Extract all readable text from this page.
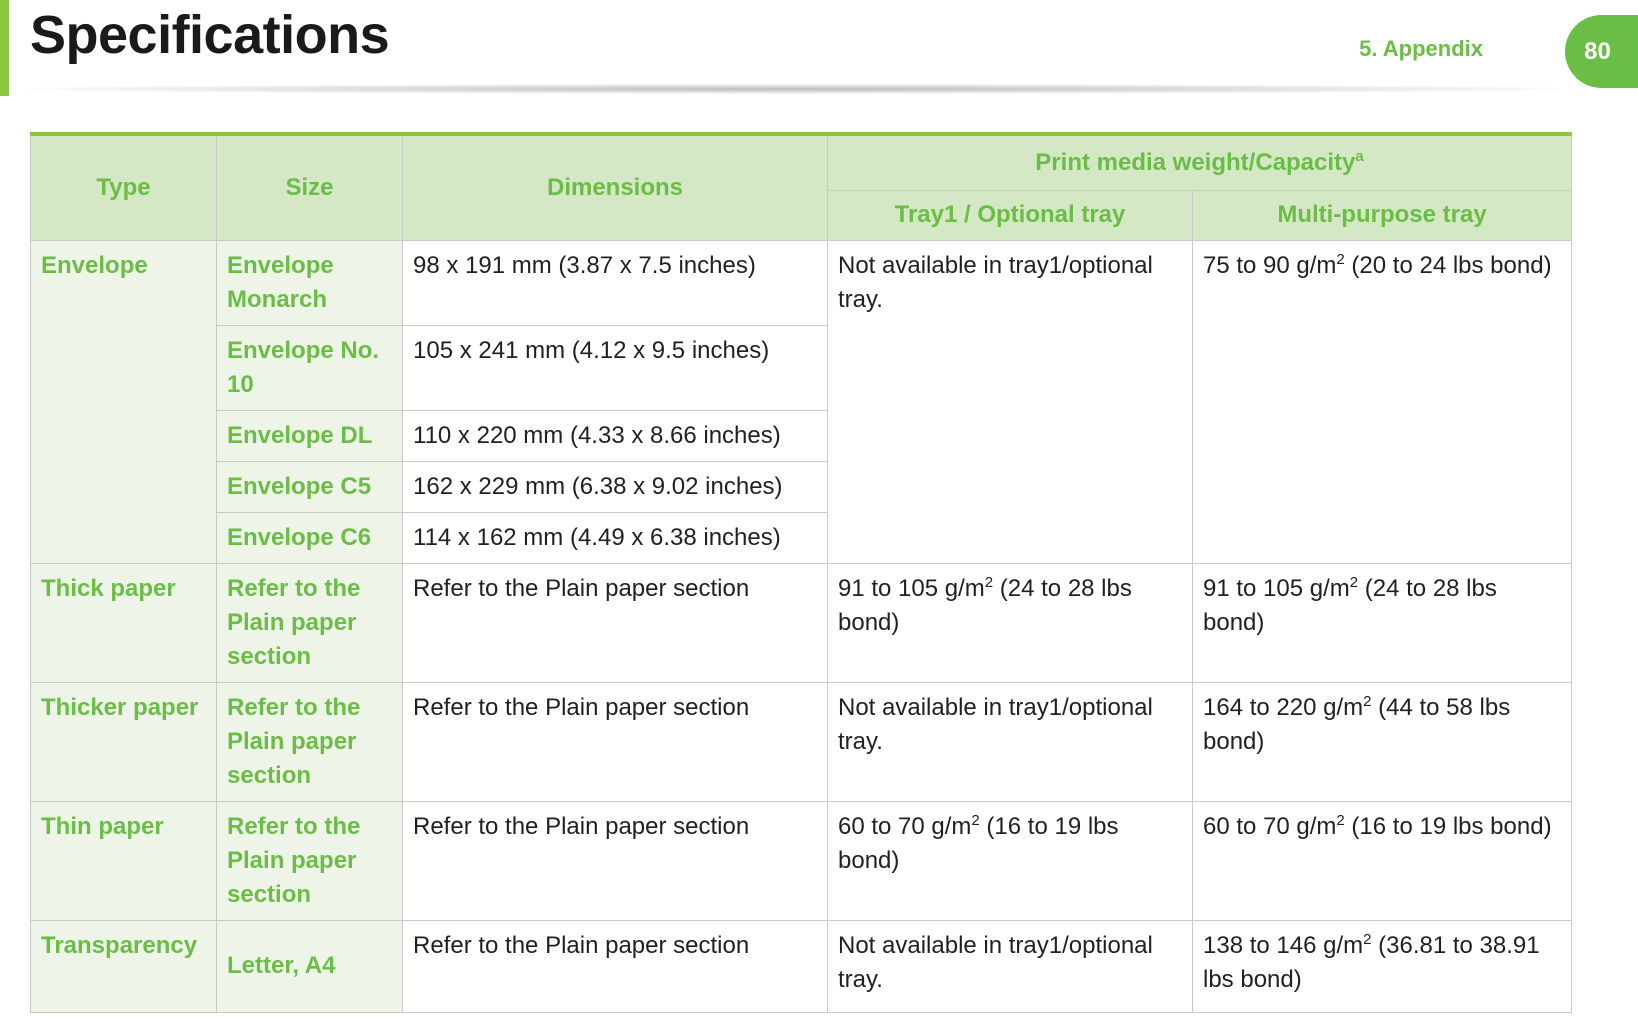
Specifications	5. Appendix	80
Type	Size	Dimensions	Print media weight/Capacity$^a$
			Tray1 / Optional tray	Multi-purpose tray
Envelope	Envelope Monarch	98 x 191 mm (3.87 x 7.5 inches)	Not available in tray1/optional tray.	75 to 90 $g/m^2$ (20 to 24 lbs bond)
	Envelope No. 10	105 x 241 mm (4.12 x 9.5 inches)		
	Envelope DL	110 x 220 mm (4.33 x 8.66 inches)		
	Envelope C5	162 x 229 mm (6.38 x 9.02 inches)		
	Envelope C6	114 x 162 mm (4.49 x 6.38 inches)		
Thick paper	Refer to the Plain paper section	Refer to the Plain paper section	91 to 105 $g/m^2$ (24 to 28 lbs bond)	91 to 105 $g/m^2$ (24 to 28 lbs bond)
Thicker paper	Refer to the Plain paper section	Refer to the Plain paper section	Not available in tray1/optional tray.	164 to 220 $g/m^2$ (44 to 58 lbs bond)
Thin paper	Refer to the Plain paper section	Refer to the Plain paper section	60 to 70 $g/m^2$ (16 to 19 lbs bond)	60 to 70 $g/m^2$ (16 to 19 lbs bond)
Transparency	Letter, A4	Refer to the Plain paper section	Not available in tray1/optional tray.	138 to 146 $g/m^2$ (36.81 to 38.91 lbs bond)
